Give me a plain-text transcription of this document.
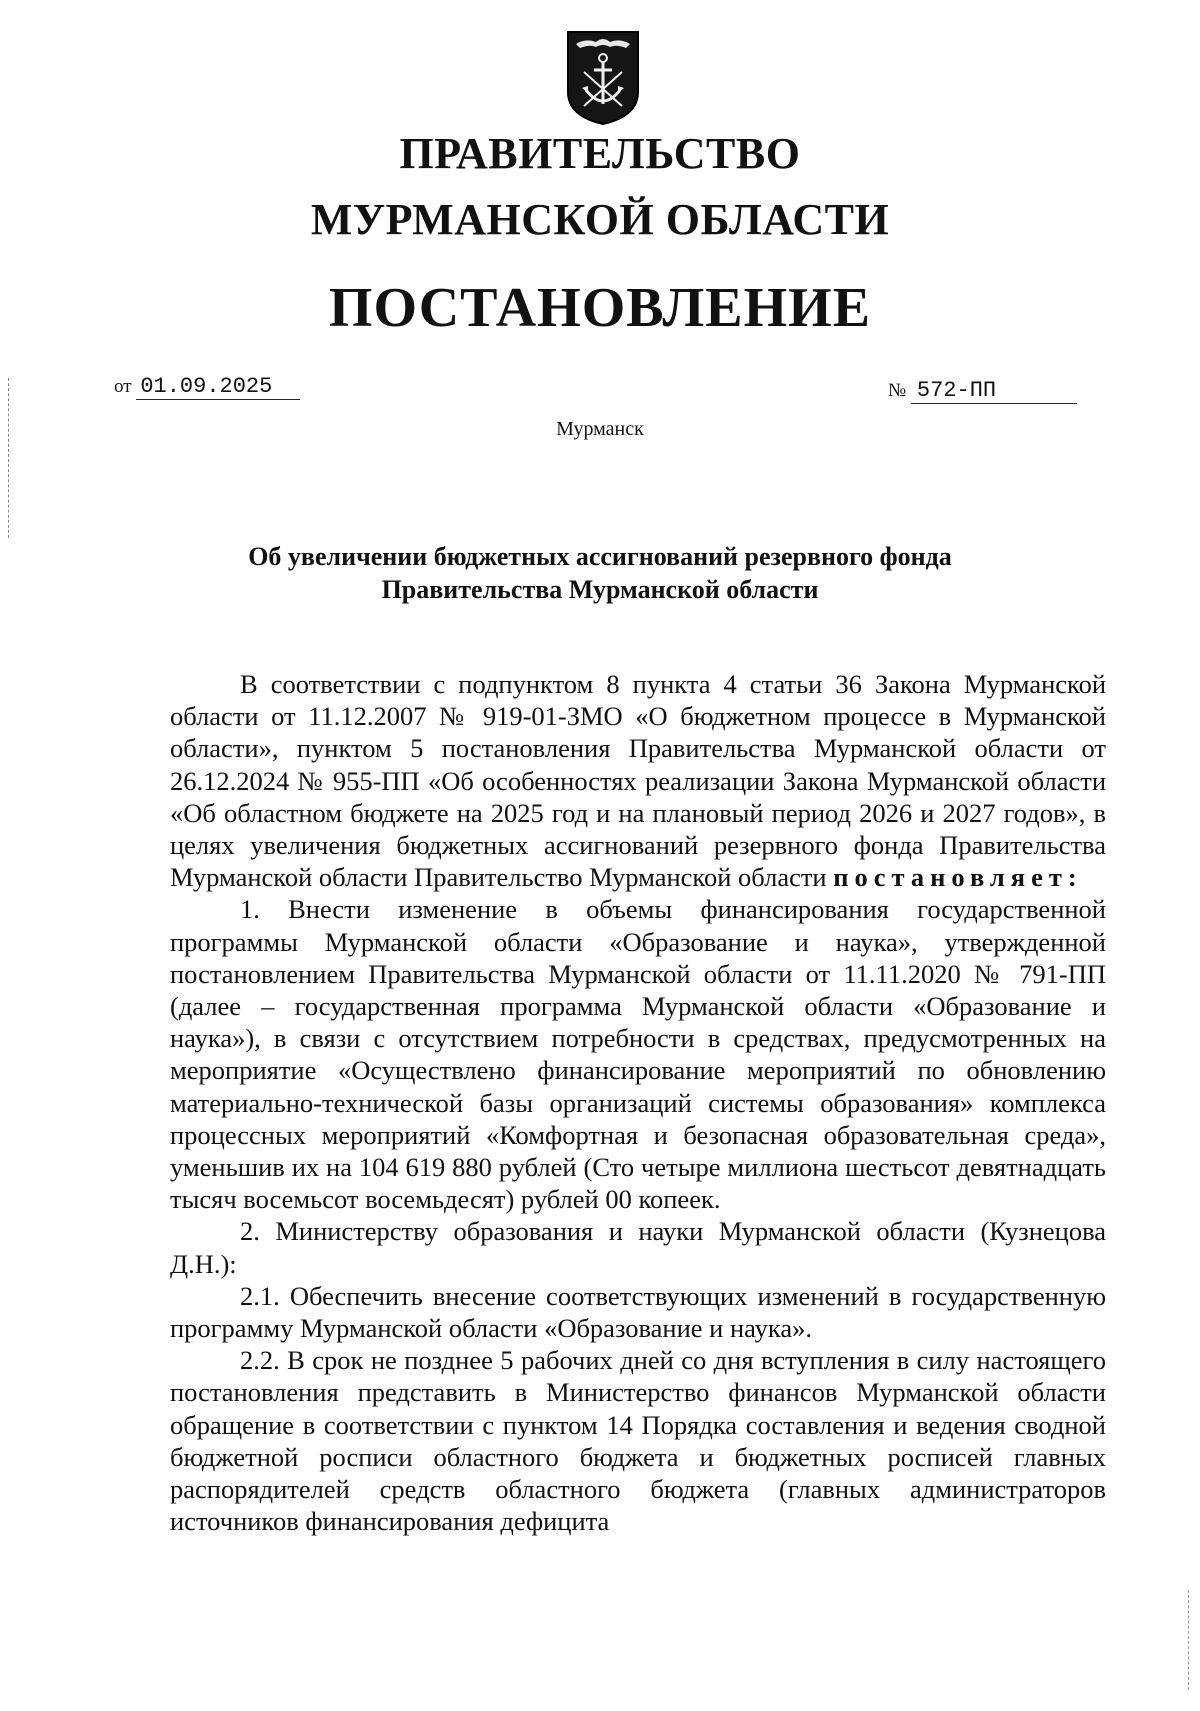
ПРАВИТЕЛЬСТВО
МУРМАНСКОЙ ОБЛАСТИ
ПОСТАНОВЛЕНИЕ
от 01.09.2025	№ 572-ПП
Мурманск
Об увеличении бюджетных ассигнований резервного фонда
Правительства Мурманской области

В соответствии с подпунктом 8 пункта 4 статьи 36 Закона Мурманской области от 11.12.2007 № 919-01-ЗМО «О бюджетном процессе в Мурманской области», пунктом 5 постановления Правительства Мурманской области от 26.12.2024 № 955-ПП «Об особенностях реализации Закона Мурманской области «Об областном бюджете на 2025 год и на плановый период 2026 и 2027 годов», в целях увеличения бюджетных ассигнований резервного фонда Правительства Мурманской области Правительство Мурманской области постановляет:

1. Внести изменение в объемы финансирования государственной программы Мурманской области «Образование и наука», утвержденной постановлением Правительства Мурманской области от 11.11.2020 № 791-ПП (далее – государственная программа Мурманской области «Образование и наука»), в связи с отсутствием потребности в средствах, предусмотренных на мероприятие «Осуществлено финансирование мероприятий по обновлению материально-технической базы организаций системы образования» комплекса процессных мероприятий «Комфортная и безопасная образовательная среда», уменьшив их на 104 619 880 рублей (Сто четыре миллиона шестьсот девятнадцать тысяч восемьсот восемьдесят) рублей 00 копеек.

2. Министерству образования и науки Мурманской области (Кузнецова Д.Н.):

2.1. Обеспечить внесение соответствующих изменений в государственную программу Мурманской области «Образование и наука».

2.2. В срок не позднее 5 рабочих дней со дня вступления в силу настоящего постановления представить в Министерство финансов Мурманской области обращение в соответствии с пунктом 14 Порядка составления и ведения сводной бюджетной росписи областного бюджета и бюджетных росписей главных распорядителей средств областного бюджета (главных администраторов источников финансирования дефицита
